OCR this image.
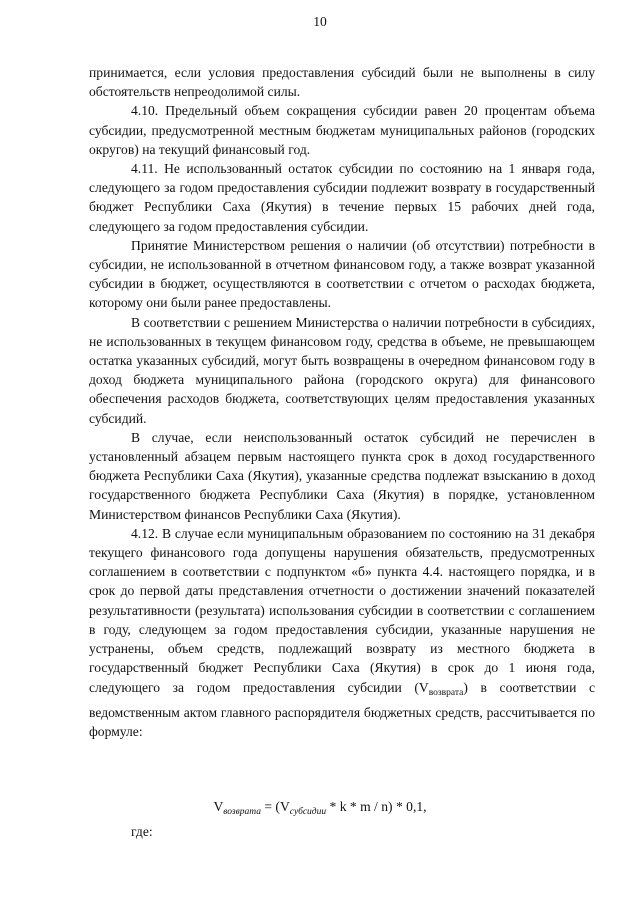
10

принимается, если условия предоставления субсидий были не выполнены в силу обстоятельств непреодолимой силы.

4.10. Предельный объем сокращения субсидии равен 20 процентам объема субсидии, предусмотренной местным бюджетам муниципальных районов (городских округов) на текущий финансовый год.

4.11. Не использованный остаток субсидии по состоянию на 1 января года, следующего за годом предоставления субсидии подлежит возврату в государственный бюджет Республики Саха (Якутия) в течение первых 15 рабочих дней года, следующего за годом предоставления субсидии.

Принятие Министерством решения о наличии (об отсутствии) потребности в субсидии, не использованной в отчетном финансовом году, а также возврат указанной субсидии в бюджет, осуществляются в соответствии с отчетом о расходах бюджета, которому они были ранее предоставлены.

В соответствии с решением Министерства о наличии потребности в субсидиях, не использованных в текущем финансовом году, средства в объеме, не превышающем остатка указанных субсидий, могут быть возвращены в очередном финансовом году в доход бюджета муниципального района (городского округа) для финансового обеспечения расходов бюджета, соответствующих целям предоставления указанных субсидий.

В случае, если неиспользованный остаток субсидий не перечислен в установленный абзацем первым настоящего пункта срок в доход государственного бюджета Республики Саха (Якутия), указанные средства подлежат взысканию в доход государственного бюджета Республики Саха (Якутия) в порядке, установленном Министерством финансов Республики Саха (Якутия).

4.12. В случае если муниципальным образованием по состоянию на 31 декабря текущего финансового года допущены нарушения обязательств, предусмотренных соглашением в соответствии с подпунктом «б» пункта 4.4. настоящего порядка, и в срок до первой даты представления отчетности о достижении значений показателей результативности (результата) использования субсидии в соответствии с соглашением в году, следующем за годом предоставления субсидии, указанные нарушения не устранены, объем средств, подлежащий возврату из местного бюджета в государственный бюджет Республики Саха (Якутия) в срок до 1 июня года, следующего за годом предоставления субсидии $(V_{возврата})$ в соответствии с ведомственным актом главного распорядителя бюджетных средств, рассчитывается по формуле:

$V_{возврата} = (V_{субсидии} * k * m / n) * 0,1$,
где:
